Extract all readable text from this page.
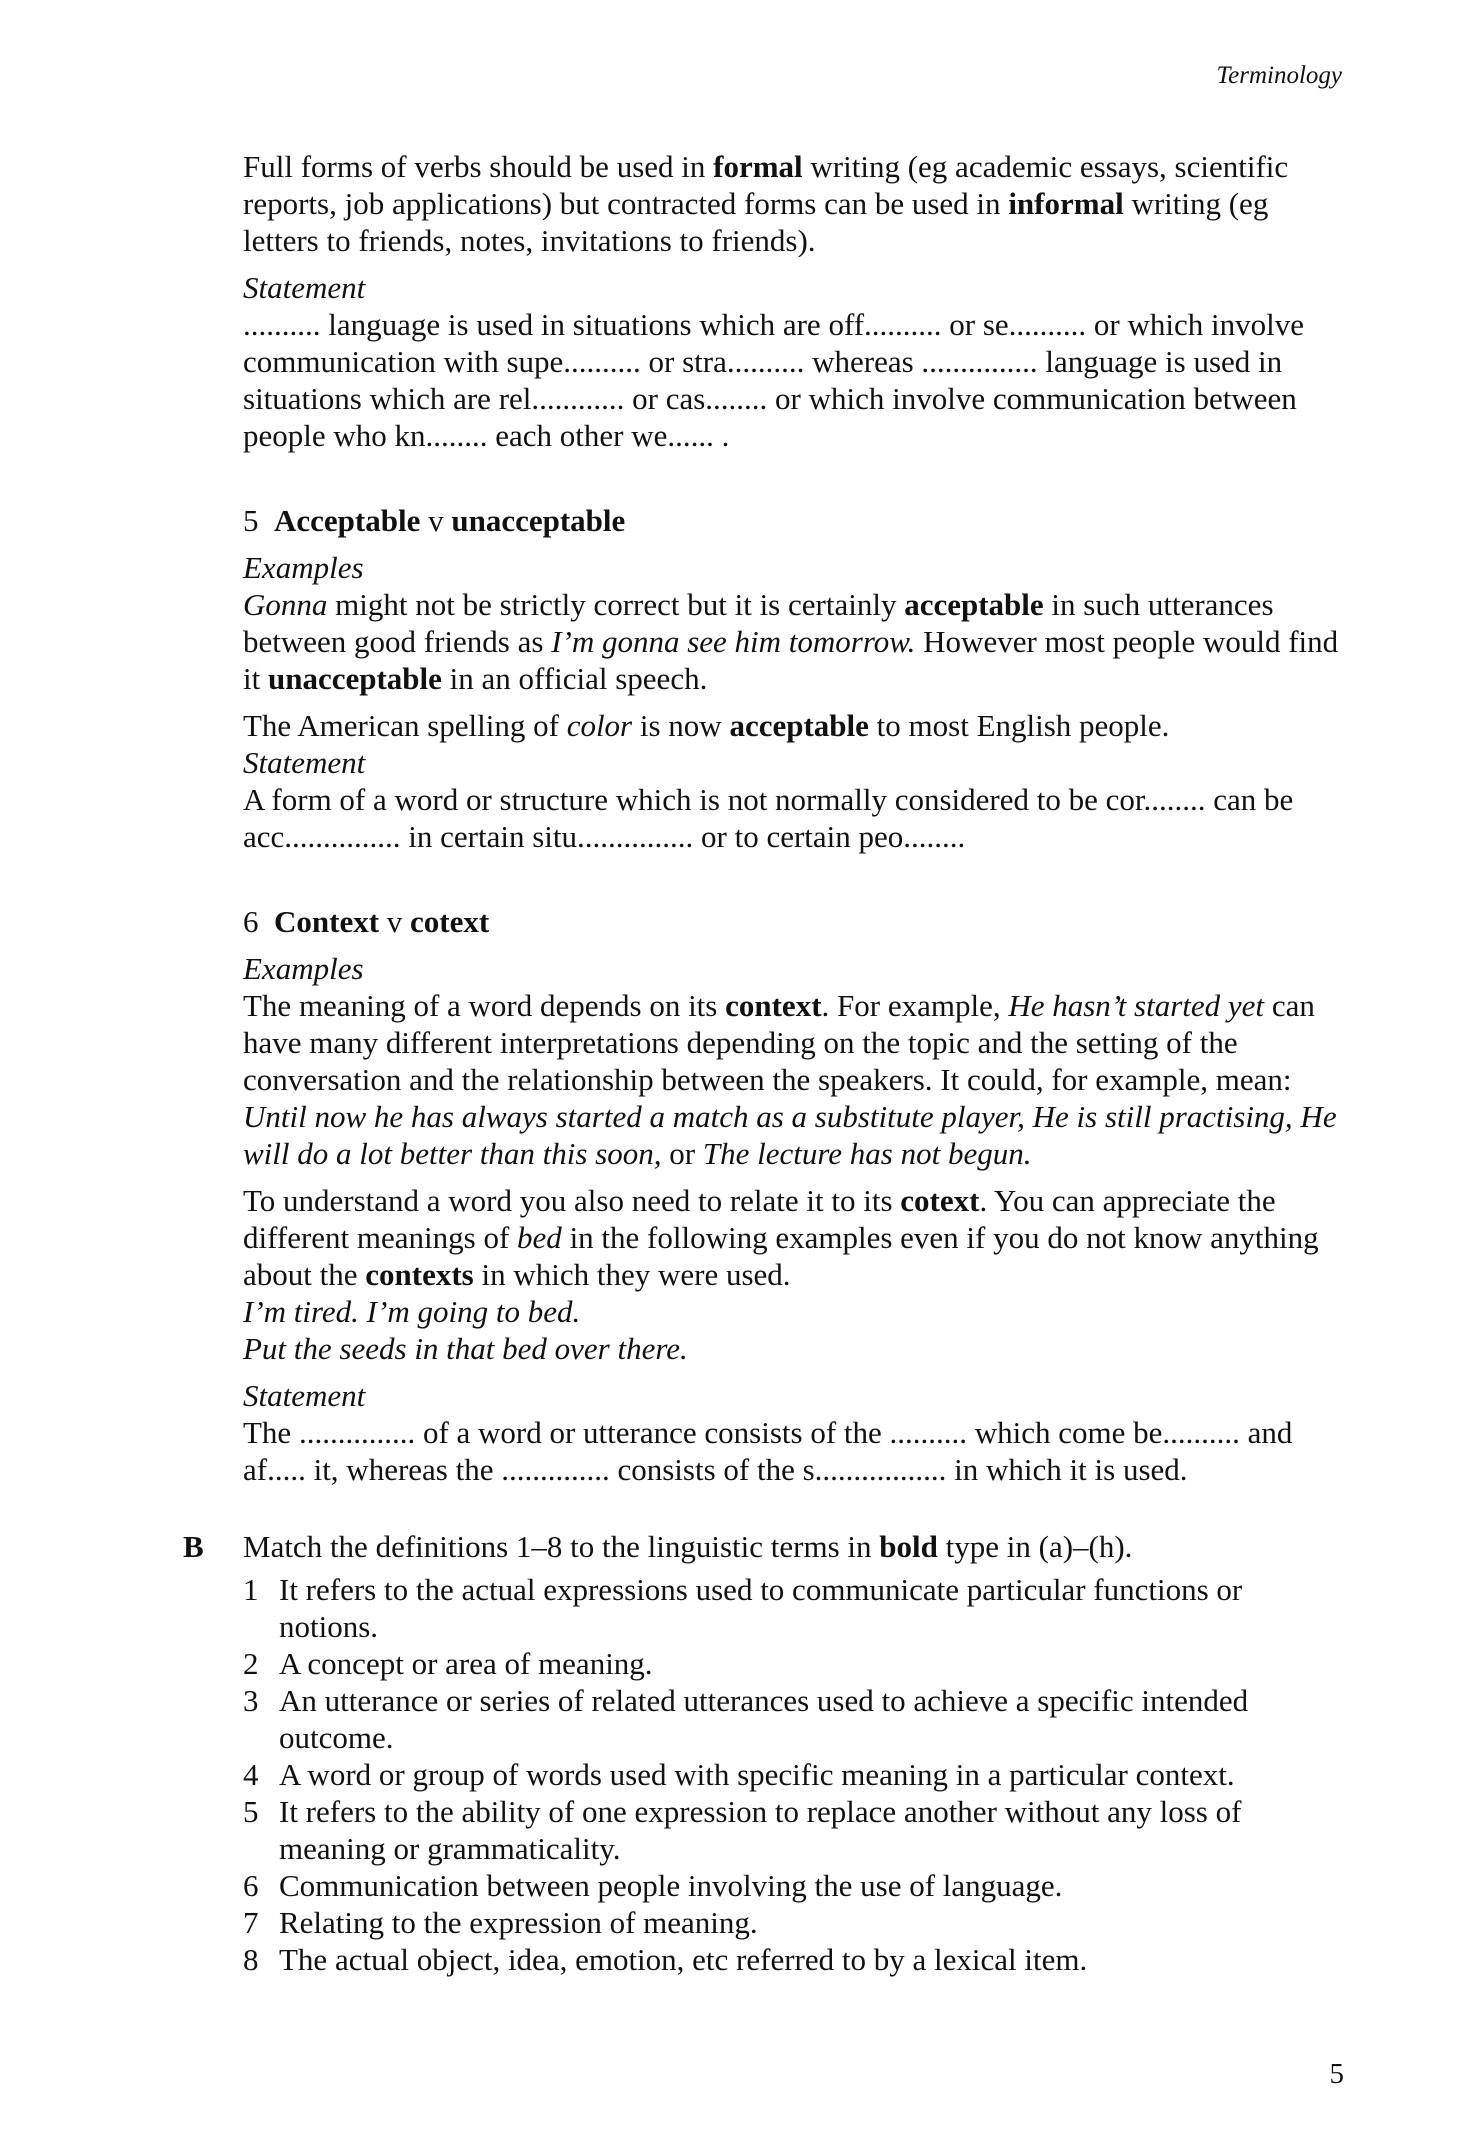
Terminology

Full forms of verbs should be used in formal writing (eg academic essays, scientific reports, job applications) but contracted forms can be used in informal writing (eg letters to friends, notes, invitations to friends).

Statement

.......... language is used in situations which are off.......... or se.......... or which involve communication with supe.......... or stra.......... whereas ............... language is used in situations which are rel............ or cas........ or which involve communication between people who kn........ each other we...... .

5 Acceptable v unacceptable

Examples

Gonna might not be strictly correct but it is certainly acceptable in such utterances between good friends as I’m gonna see him tomorrow. However most people would find it unacceptable in an official speech.

The American spelling of color is now acceptable to most English people.

Statement

A form of a word or structure which is not normally considered to be cor........ can be acc............... in certain situ............... or to certain peo........

6 Context v cotext

Examples

The meaning of a word depends on its context. For example, He hasn’t started yet can have many different interpretations depending on the topic and the setting of the conversation and the relationship between the speakers. It could, for example, mean: Until now he has always started a match as a substitute player, He is still practising, He will do a lot better than this soon, or The lecture has not begun.

To understand a word you also need to relate it to its cotext. You can appreciate the different meanings of bed in the following examples even if you do not know anything about the contexts in which they were used.

I’m tired. I’m going to bed.

Put the seeds in that bed over there.

Statement

The ............... of a word or utterance consists of the .......... which come be.......... and af..... it, whereas the .............. consists of the s................. in which it is used.

B Match the definitions 1–8 to the linguistic terms in bold type in (a)–(h).

1 It refers to the actual expressions used to communicate particular functions or notions.
2 A concept or area of meaning.
3 An utterance or series of related utterances used to achieve a specific intended outcome.
4 A word or group of words used with specific meaning in a particular context.
5 It refers to the ability of one expression to replace another without any loss of meaning or grammaticality.
6 Communication between people involving the use of language.
7 Relating to the expression of meaning.
8 The actual object, idea, emotion, etc referred to by a lexical item.
5
